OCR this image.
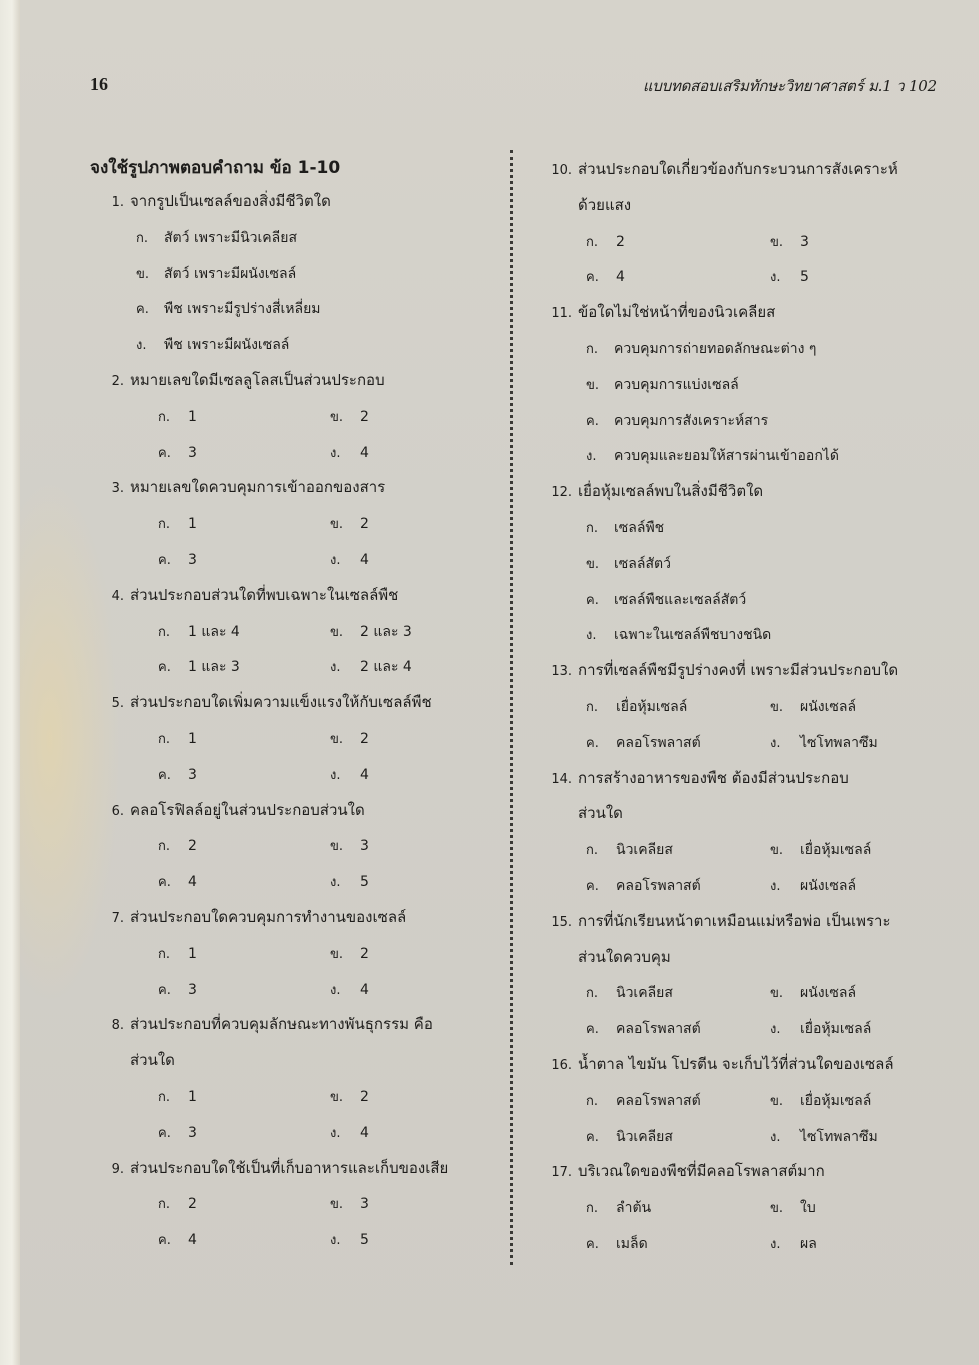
16	แบบทดสอบเสริมทักษะวิทยาศาสตร์ ม.1 ว 102
จงใช้รูปภาพตอบคำถาม ข้อ 1-10
1. จากรูปเป็นเซลล์ของสิ่งมีชีวิตใด
ก. สัตว์ เพราะมีนิวเคลียส
ข. สัตว์ เพราะมีผนังเซลล์
ค. พืช เพราะมีรูปร่างสี่เหลี่ยม
ง. พืช เพราะมีผนังเซลล์
2. หมายเลขใดมีเซลลูโลสเป็นส่วนประกอบ
ก. 1	ข. 2
ค. 3	ง. 4
3. หมายเลขใดควบคุมการเข้าออกของสาร
ก. 1	ข. 2
ค. 3	ง. 4
4. ส่วนประกอบส่วนใดที่พบเฉพาะในเซลล์พืช
ก. 1 และ 4	ข. 2 และ 3
ค. 1 และ 3	ง. 2 และ 4
5. ส่วนประกอบใดเพิ่มความแข็งแรงให้กับเซลล์พืช
ก. 1	ข. 2
ค. 3	ง. 4
6. คลอโรฟิลล์อยู่ในส่วนประกอบส่วนใด
ก. 2	ข. 3
ค. 4	ง. 5
7. ส่วนประกอบใดควบคุมการทำงานของเซลล์
ก. 1	ข. 2
ค. 3	ง. 4
8. ส่วนประกอบที่ควบคุมลักษณะทางพันธุกรรม คือ
ส่วนใด
ก. 1	ข. 2
ค. 3	ง. 4
9. ส่วนประกอบใดใช้เป็นที่เก็บอาหารและเก็บของเสีย
ก. 2	ข. 3
ค. 4	ง. 5
10. ส่วนประกอบใดเกี่ยวข้องกับกระบวนการสังเคราะห์
ด้วยแสง
ก. 2	ข. 3
ค. 4	ง. 5
11. ข้อใดไม่ใช่หน้าที่ของนิวเคลียส
ก. ควบคุมการถ่ายทอดลักษณะต่าง ๆ
ข. ควบคุมการแบ่งเซลล์
ค. ควบคุมการสังเคราะห์สาร
ง. ควบคุมและยอมให้สารผ่านเข้าออกได้
12. เยื่อหุ้มเซลล์พบในสิ่งมีชีวิตใด
ก. เซลล์พืช
ข. เซลล์สัตว์
ค. เซลล์พืชและเซลล์สัตว์
ง. เฉพาะในเซลล์พืชบางชนิด
13. การที่เซลล์พืชมีรูปร่างคงที่ เพราะมีส่วนประกอบใด
ก. เยื่อหุ้มเซลล์	ข. ผนังเซลล์
ค. คลอโรพลาสต์	ง. ไซโทพลาซึม
14. การสร้างอาหารของพืช ต้องมีส่วนประกอบ
ส่วนใด
ก. นิวเคลียส	ข. เยื่อหุ้มเซลล์
ค. คลอโรพลาสต์	ง. ผนังเซลล์
15. การที่นักเรียนหน้าตาเหมือนแม่หรือพ่อ เป็นเพราะ
ส่วนใดควบคุม
ก. นิวเคลียส	ข. ผนังเซลล์
ค. คลอโรพลาสต์	ง. เยื่อหุ้มเซลล์
16. น้ำตาล ไขมัน โปรตีน จะเก็บไว้ที่ส่วนใดของเซลล์
ก. คลอโรพลาสต์	ข. เยื่อหุ้มเซลล์
ค. นิวเคลียส	ง. ไซโทพลาซึม
17. บริเวณใดของพืชที่มีคลอโรพลาสต์มาก
ก. ลำต้น	ข. ใบ
ค. เมล็ด	ง. ผล
